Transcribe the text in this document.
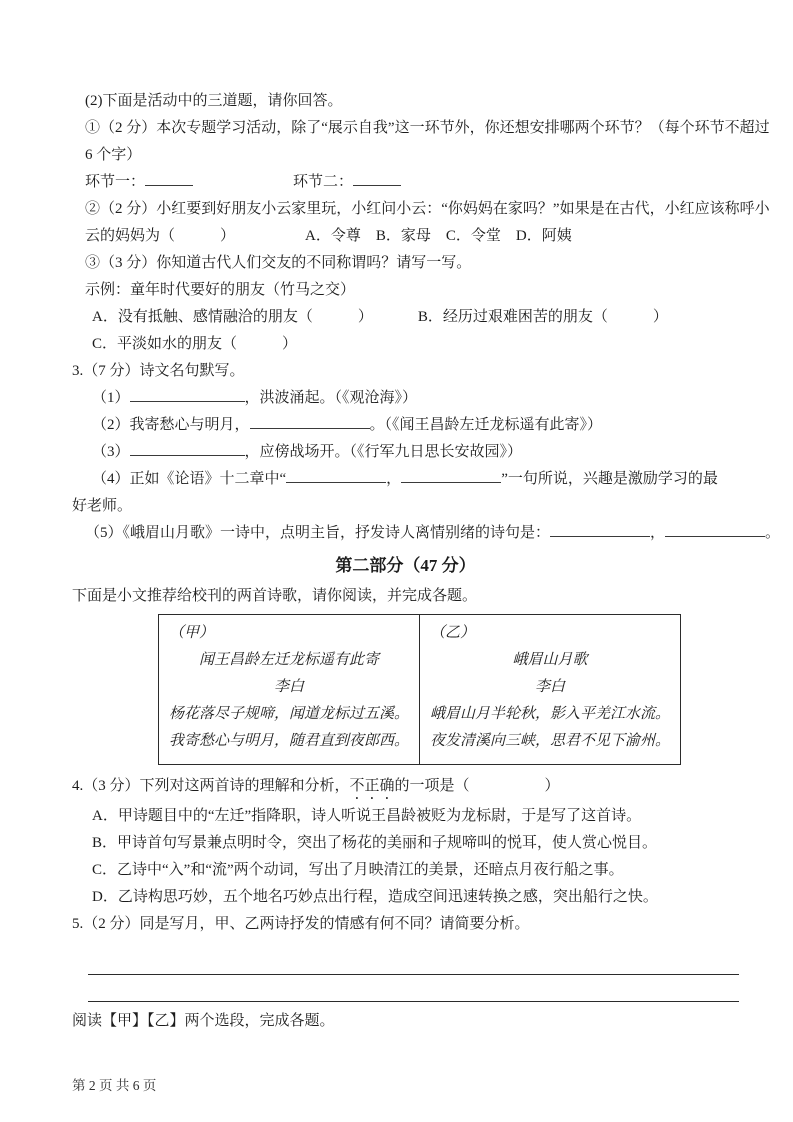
(2)下面是活动中的三道题，请你回答。

①（2 分）本次专题学习活动，除了“展示自我”这一环节外，你还想安排哪两个环节？（每个环节不超过

6 个字）

环节一：	环节二：

②（2 分）小红要到好朋友小云家里玩，小红问小云：“你妈妈在家吗？”如果是在古代，小红应该称呼小

云的妈妈为（　　　）	A．令尊　B．家母　C．令堂　D．阿姨

③（3 分）你知道古代人们交友的不同称谓吗？请写一写。

示例：童年时代要好的朋友（竹马之交）

A．没有抵触、感情融洽的朋友（　　　）	B．经历过艰难困苦的朋友（　　　）

C．平淡如水的朋友（　　　）

3.（7 分）诗文名句默写。

（1）	，洪波涌起。（《观沧海》）

（2）我寄愁心与明月，	。（《闻王昌龄左迁龙标遥有此寄》）

（3）	，应傍战场开。（《行军九日思长安故园》）

（4）正如《论语》十二章中“	，	”一句所说，兴趣是激励学习的最

好老师。

（5）《峨眉山月歌》一诗中，点明主旨，抒发诗人离情别绪的诗句是：	，	。

第二部分（47 分）

下面是小文推荐给校刊的两首诗歌，请你阅读，并完成各题。

（甲）

闻王昌龄左迁龙标遥有此寄

李白

杨花落尽子规啼，闻道龙标过五溪。

我寄愁心与明月，随君直到夜郎西。

（乙）

峨眉山月歌

李白

峨眉山月半轮秋，影入平羌江水流。

夜发清溪向三峡，思君不见下渝州。

4.（3 分）下列对这两首诗的理解和分析，不正确的一项是（　　　　　）

A．甲诗题目中的“左迁”指降职，诗人听说王昌龄被贬为龙标尉，于是写了这首诗。

B．甲诗首句写景兼点明时令，突出了杨花的美丽和子规啼叫的悦耳，使人赏心悦目。

C．乙诗中“入”和“流”两个动词，写出了月映清江的美景，还暗点月夜行船之事。

D．乙诗构思巧妙，五个地名巧妙点出行程，造成空间迅速转换之感，突出船行之快。

5.（2 分）同是写月，甲、乙两诗抒发的情感有何不同？请简要分析。

阅读【甲】【乙】两个选段，完成各题。

第 2 页 共 6 页
